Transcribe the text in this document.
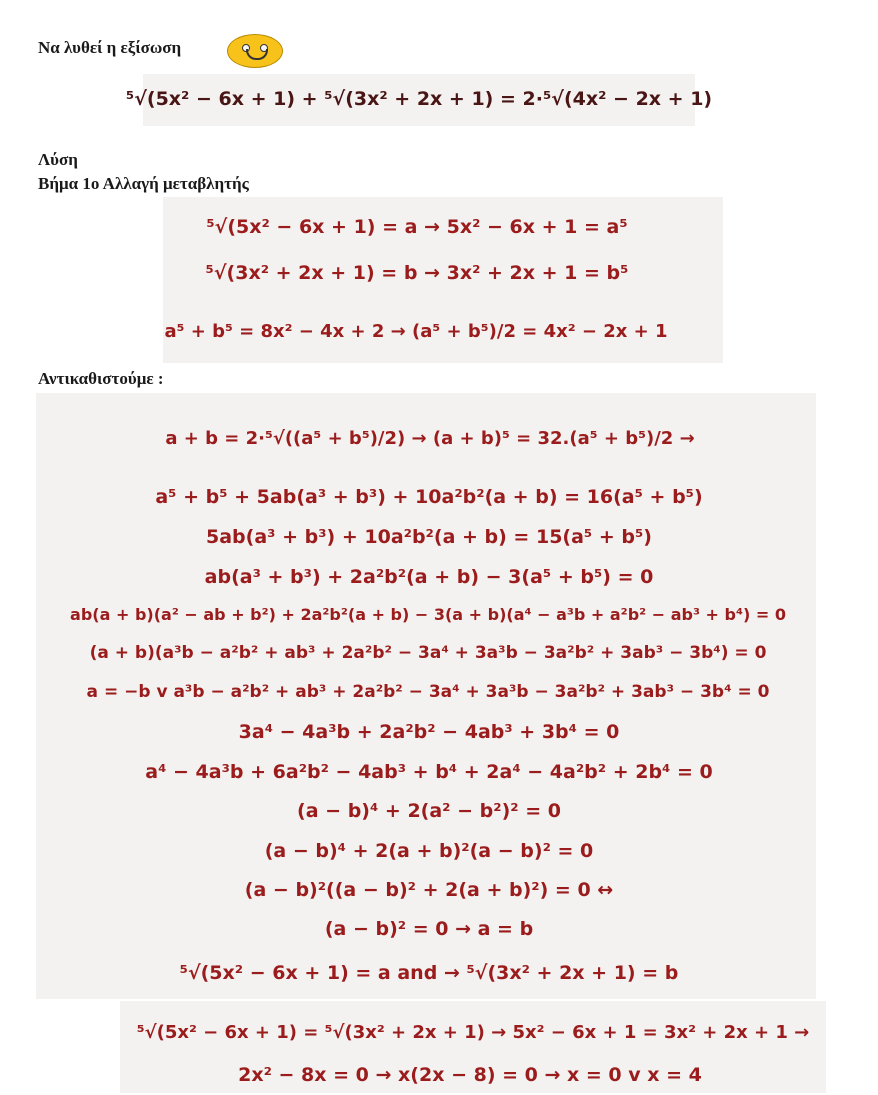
Να λυθεί η εξίσωση

⁵√(5x² − 6x + 1) + ⁵√(3x² + 2x + 1) = 2·⁵√(4x² − 2x + 1)

Λύση

Βήμα 1ο Αλλαγή μεταβλητής

⁵√(5x² − 6x + 1) = a → 5x² − 6x + 1 = a⁵

⁵√(3x² + 2x + 1) = b → 3x² + 2x + 1 = b⁵

a⁵ + b⁵ = 8x² − 4x + 2 → (a⁵ + b⁵)/2 = 4x² − 2x + 1

Αντικαθιστούμε :

a + b = 2·⁵√((a⁵ + b⁵)/2) → (a + b)⁵ = 32.(a⁵ + b⁵)/2 →

a⁵ + b⁵ + 5ab(a³ + b³) + 10a²b²(a + b) = 16(a⁵ + b⁵)

5ab(a³ + b³) + 10a²b²(a + b) = 15(a⁵ + b⁵)

ab(a³ + b³) + 2a²b²(a + b) − 3(a⁵ + b⁵) = 0

ab(a + b)(a² − ab + b²) + 2a²b²(a + b) − 3(a + b)(a⁴ − a³b + a²b² − ab³ + b⁴) = 0

(a + b)(a³b − a²b² + ab³ + 2a²b² − 3a⁴ + 3a³b − 3a²b² + 3ab³ − 3b⁴) = 0

a = −b v a³b − a²b² + ab³ + 2a²b² − 3a⁴ + 3a³b − 3a²b² + 3ab³ − 3b⁴ = 0

3a⁴ − 4a³b + 2a²b² − 4ab³ + 3b⁴ = 0

a⁴ − 4a³b + 6a²b² − 4ab³ + b⁴ + 2a⁴ − 4a²b² + 2b⁴ = 0

(a − b)⁴ + 2(a² − b²)² = 0

(a − b)⁴ + 2(a + b)²(a − b)² = 0

(a − b)²((a − b)² + 2(a + b)²) = 0 ↔

(a − b)² = 0 → a = b

⁵√(5x² − 6x + 1) = a and → ⁵√(3x² + 2x + 1) = b

⁵√(5x² − 6x + 1) = ⁵√(3x² + 2x + 1) → 5x² − 6x + 1 = 3x² + 2x + 1 →

2x² − 8x = 0 → x(2x − 8) = 0 → x = 0 v x = 4
